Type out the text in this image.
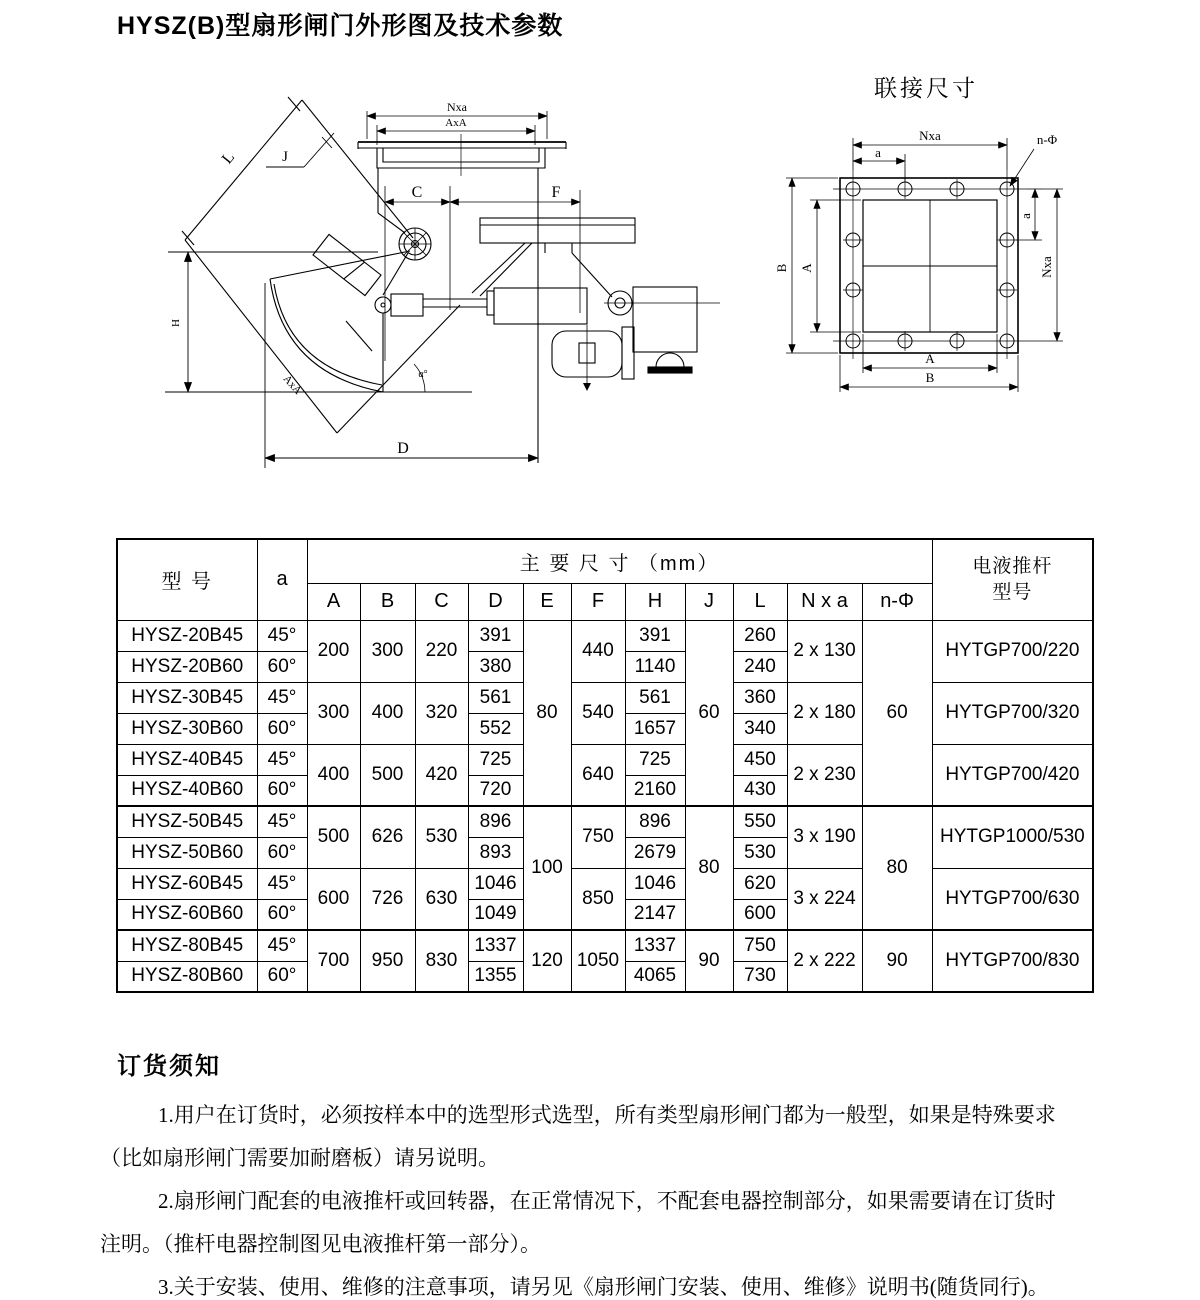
HYSZ(B)型扇形闸门外形图及技术参数
L	J
Nxa
AxA
C	F
H
AxA	α°
D
联接尺寸
Nxa
a
n-Φ
B A
a
Nxa
A
B
型 号	a	主 要 尺 寸 （mm）											电液推杆
型号

		A	B	C	D	E	F	H	J	L	N x a	n-Φ	
HYSZ-20B45	45°	200	300	220	391	80	440	391	60	260	2 x 130	60	HYTGP700/220
HYSZ-20B60	60°				380			1140		240			
HYSZ-30B45	45°	300	400	320	561		540	561		360	2 x 180		HYTGP700/320
HYSZ-30B60	60°				552			1657		340			
HYSZ-40B45	45°	400	500	420	725		640	725		450	2 x 230		HYTGP700/420
HYSZ-40B60	60°				720			2160		430			
HYSZ-50B45	45°	500	626	530	896	100	750	896	80	550	3 x 190	80	HYTGP1000/530
HYSZ-50B60	60°				893			2679		530			
HYSZ-60B45	45°	600	726	630	1046		850	1046		620	3 x 224		HYTGP700/630
HYSZ-60B60	60°				1049			2147		600			
HYSZ-80B45	45°	700	950	830	1337	120	1050	1337	90	750	2 x 222	90	HYTGP700/830
HYSZ-80B60	60°				1355			4065		730			
订货须知

1.用户在订货时，必须按样本中的选型形式选型，所有类型扇形闸门都为一般型，如果是特殊要求

（比如扇形闸门需要加耐磨板）请另说明。

2.扇形闸门配套的电液推杆或回转器，在正常情况下，不配套电器控制部分，如果需要请在订货时

注明。（推杆电器控制图见电液推杆第一部分）。

3.关于安装、使用、维修的注意事项，请另见《扇形闸门安装、使用、维修》说明书(随货同行)。
